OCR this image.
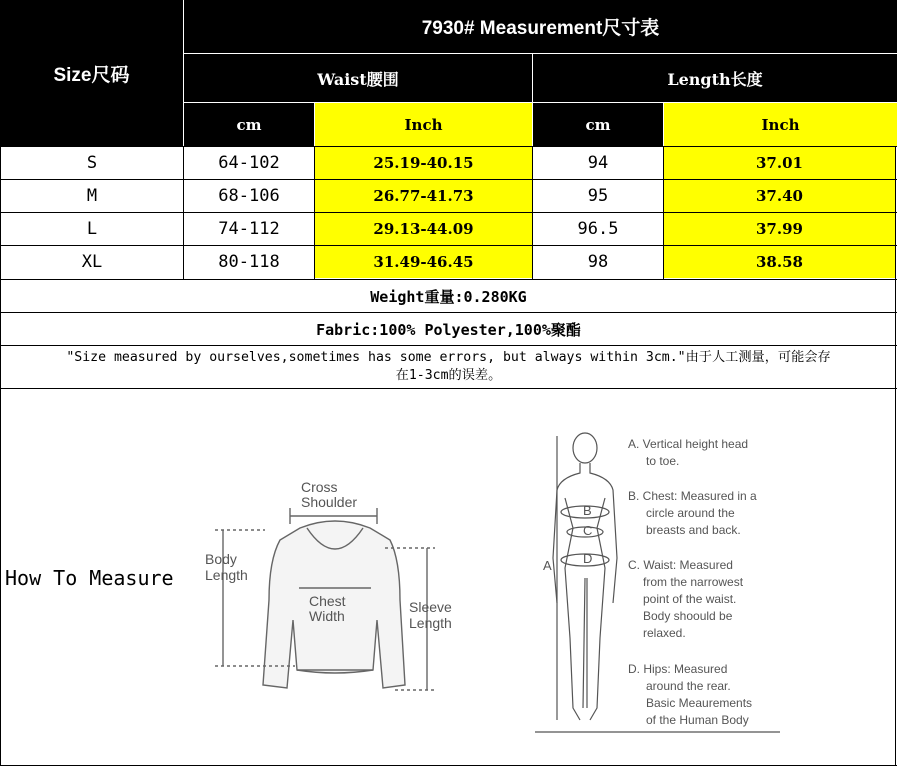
Size尺码
7930# Measurement尺寸表
Waist腰围	Length长度
cm	Inch	cm	Inch
S	64-102	25.19-40.15	94	37.01
M	68-106	26.77-41.73	95	37.40
L	74-112	29.13-44.09	96.5	37.99
XL	80-118	31.49-46.45	98	38.58
Weight重量:0.280KG
Fabric:100% Polyester,100%聚酯
"Size measured by ourselves,sometimes has some errors, but always within 3cm."由于人工测量，可能会存
在1-3cm的误差。
How To Measure
Cross
Shoulder
Body
Length
Chest
Width
Sleeve
Length
A
B
C
D
A. Vertical height head
to toe.
B. Chest: Measured in a
circle around the
breasts and back.
C. Waist: Measured
from the narrowest
point of the waist.
Body shoould be
relaxed.
D. Hips: Measured
around the rear.
Basic Meaurements
of the Human Body
